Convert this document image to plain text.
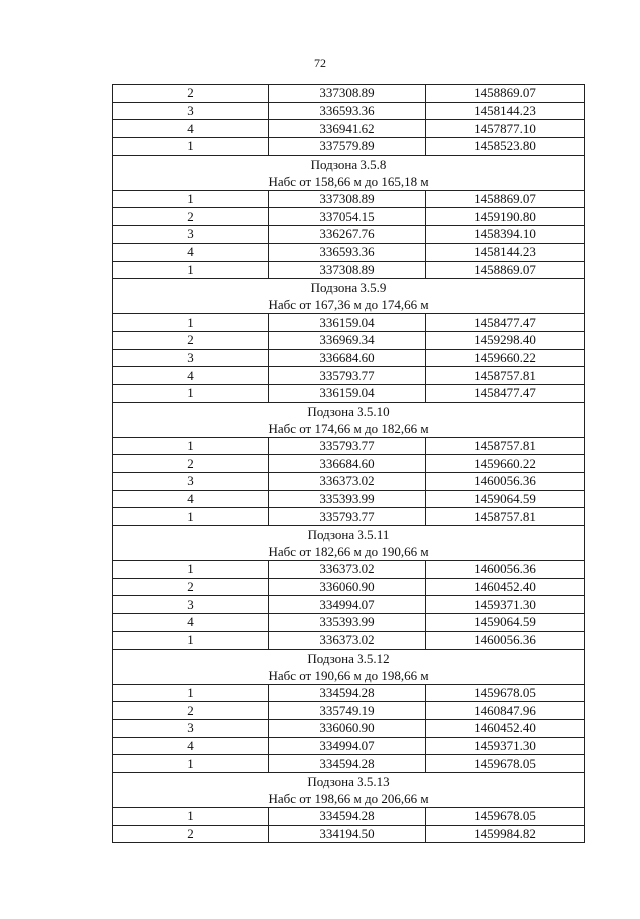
72
2	337308.89	1458869.07
3	336593.36	1458144.23
4	336941.62	1457877.10
1	337579.89	1458523.80

Подзона 3.5.8
Набс от 158,66 м до 165,18 м		

1	337308.89	1458869.07
2	337054.15	1459190.80
3	336267.76	1458394.10
4	336593.36	1458144.23
1	337308.89	1458869.07

Подзона 3.5.9
Набс от 167,36 м до 174,66 м		

1	336159.04	1458477.47
2	336969.34	1459298.40
3	336684.60	1459660.22
4	335793.77	1458757.81
1	336159.04	1458477.47

Подзона 3.5.10
Набс от 174,66 м до 182,66 м		

1	335793.77	1458757.81
2	336684.60	1459660.22
3	336373.02	1460056.36
4	335393.99	1459064.59
1	335793.77	1458757.81

Подзона 3.5.11
Набс от 182,66 м до 190,66 м		

1	336373.02	1460056.36
2	336060.90	1460452.40
3	334994.07	1459371.30
4	335393.99	1459064.59
1	336373.02	1460056.36

Подзона 3.5.12
Набс от 190,66 м до 198,66 м		

1	334594.28	1459678.05
2	335749.19	1460847.96
3	336060.90	1460452.40
4	334994.07	1459371.30
1	334594.28	1459678.05

Подзона 3.5.13
Набс от 198,66 м до 206,66 м		

1	334594.28	1459678.05
2	334194.50	1459984.82
